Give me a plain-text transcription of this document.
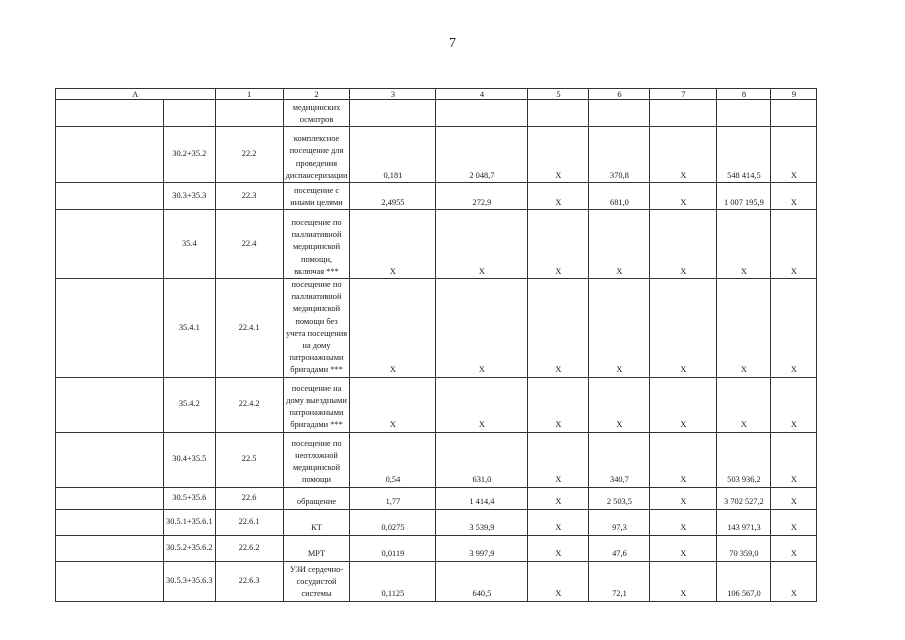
7
A		1	2	3	4	5	6	7	8	9
			медицинских осмотров							
	30.2+35.2	22.2	комплексное посещение для проведения диспансеризации	0,181	2 048,7	Х	370,8	Х	548 414,5	Х
	30.3+35.3	22.3	посещение с иными целями	2,4955	272,9	Х	681,0	Х	1 007 195,9	Х
	35.4	22.4	посещение по паллиативной медицинской помощи, включая ***	Х	Х	Х	Х	Х	Х	Х
	35.4.1	22.4.1	посещение по паллиативной медицинской помощи без учета посещения на дому патронажными бригадами ***	Х	Х	Х	Х	Х	Х	Х
	35.4.2	22.4.2	посещение на дому выездными патронажными бригадами ***	Х	Х	Х	Х	Х	Х	Х
	30.4+35.5	22.5	посещение по неотложной медицинской помощи	0,54	631,0	Х	340,7	Х	503 936,2	Х
	30.5+35.6	22.6	обращение	1,77	1 414,4	Х	2 503,5	Х	3 702 527,2	Х
	30.5.1+35.6.1	22.6.1	КТ	0,0275	3 539,9	Х	97,3	Х	143 971,3	Х
	30.5.2+35.6.2	22.6.2	МРТ	0,0119	3 997,9	Х	47,6	Х	70 359,0	Х
	30.5.3+35.6.3	22.6.3	УЗИ сердечно-сосудистой системы	0,1125	640,5	Х	72,1	Х	106 567,0	Х
